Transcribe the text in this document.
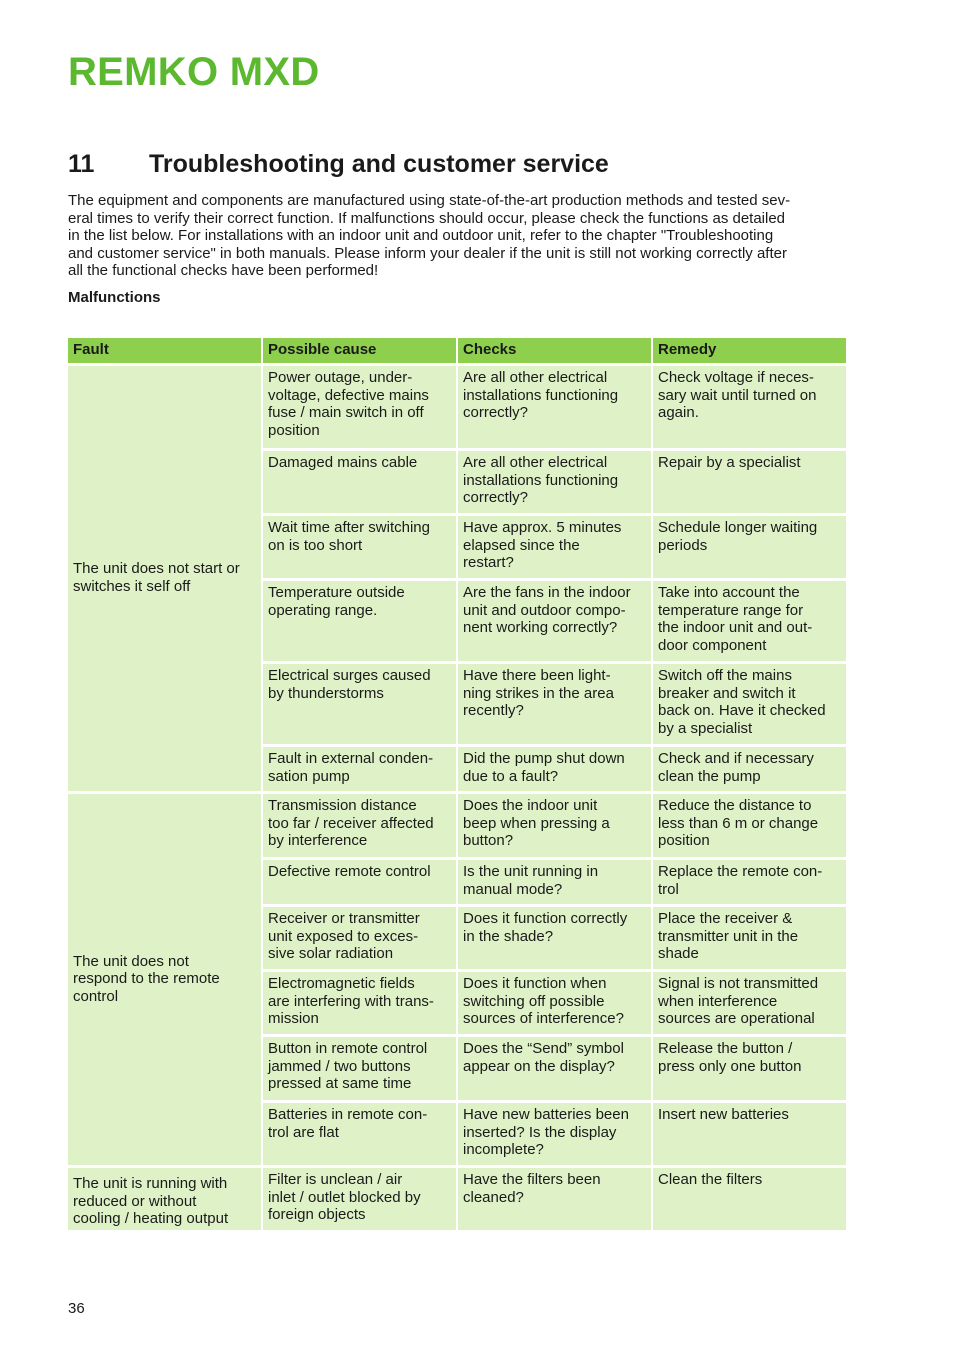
REMKO MXD
11 Troubleshooting and customer service

The equipment and components are manufactured using state-of-the-art production methods and tested sev-
eral times to verify their correct function. If malfunctions should occur, please check the functions as detailed
in the list below. For installations with an indoor unit and outdoor unit, refer to the chapter "Troubleshooting
and customer service" in both manuals. Please inform your dealer if the unit is still not working correctly after
all the functional checks have been performed!

Malfunctions
Fault	Possible cause	Checks	Remedy
The unit does not start or
switches it self off	Power outage, under-
voltage, defective mains
fuse / main switch in off
position	Are all other electrical
installations functioning
correctly?	Check voltage if neces-
sary wait until turned on
again.
	Damaged mains cable	Are all other electrical
installations functioning
correctly?	Repair by a specialist
	Wait time after switching
on is too short	Have approx. 5 minutes
elapsed since the
restart?	Schedule longer waiting
periods
	Temperature outside
operating range.	Are the fans in the indoor
unit and outdoor compo-
nent working correctly?	Take into account the
temperature range for
the indoor unit and out-
door component
	Electrical surges caused
by thunderstorms	Have there been light-
ning strikes in the area
recently?	Switch off the mains
breaker and switch it
back on. Have it checked
by a specialist
	Fault in external conden-
sation pump	Did the pump shut down
due to a fault?	Check and if necessary
clean the pump
The unit does not
respond to the remote
control	Transmission distance
too far / receiver affected
by interference	Does the indoor unit
beep when pressing a
button?	Reduce the distance to
less than 6 m or change
position
	Defective remote control	Is the unit running in
manual mode?	Replace the remote con-
trol
	Receiver or transmitter
unit exposed to exces-
sive solar radiation	Does it function correctly
in the shade?	Place the receiver &
transmitter unit in the
shade
	Electromagnetic fields
are interfering with trans-
mission	Does it function when
switching off possible
sources of interference?	Signal is not transmitted
when interference
sources are operational
	Button in remote control
jammed / two buttons
pressed at same time	Does the “Send” symbol
appear on the display?	Release the button /
press only one button
	Batteries in remote con-
trol are flat	Have new batteries been
inserted? Is the display
incomplete?	Insert new batteries
The unit is running with
reduced or without
cooling / heating output	Filter is unclean / air
inlet / outlet blocked by
foreign objects	Have the filters been
cleaned?	Clean the filters
36
